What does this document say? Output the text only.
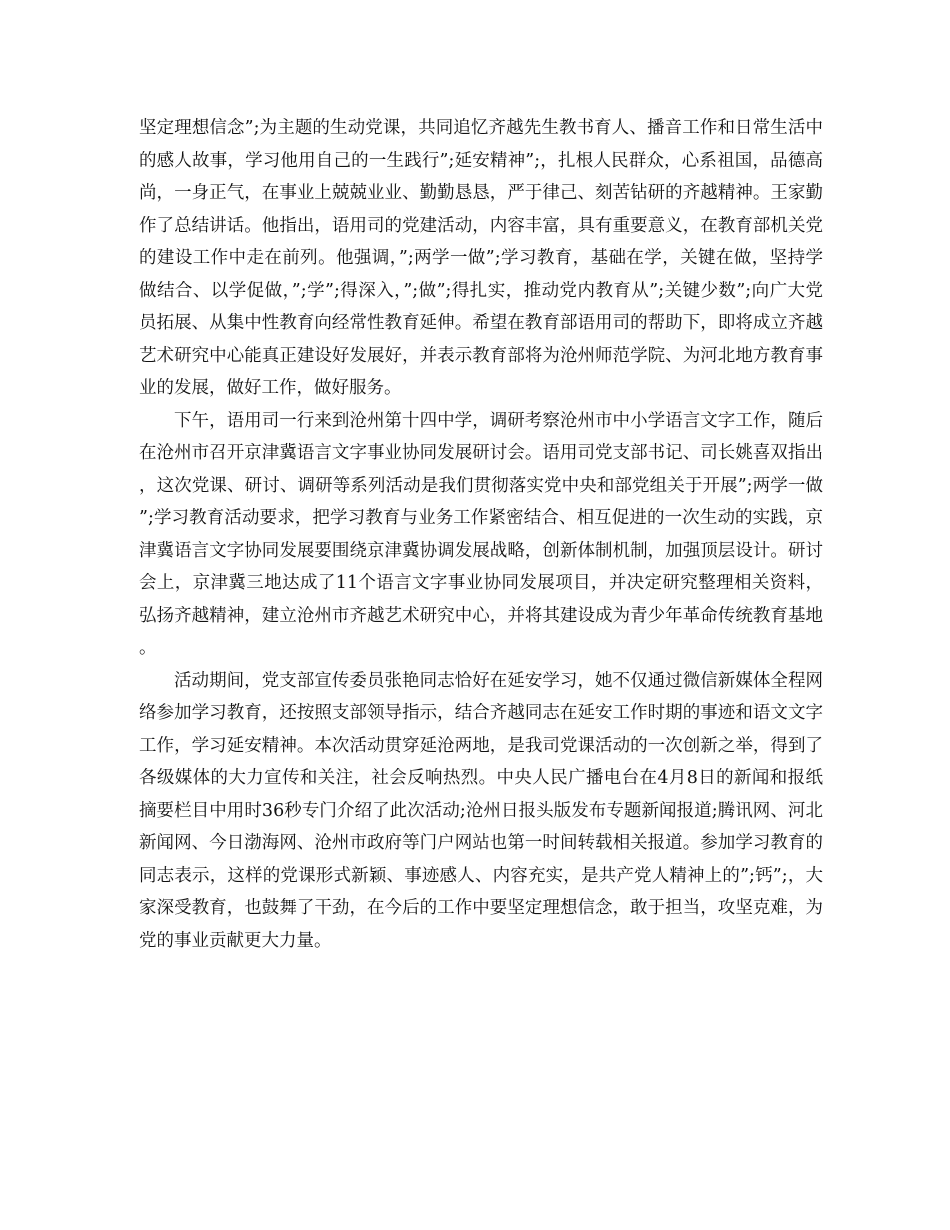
坚定理想信念”;为主题的生动党课，共同追忆齐越先生教书育人、播音工作和日常生活中的感人故事，学习他用自己的一生践行”;延安精神”;，扎根人民群众，心系祖国，品德高尚，一身正气，在事业上兢兢业业、勤勤恳恳，严于律己、刻苦钻研的齐越精神。王家勤作了总结讲话。他指出，语用司的党建活动，内容丰富，具有重要意义，在教育部机关党的建设工作中走在前列。他强调，”;两学一做”;学习教育，基础在学，关键在做，坚持学做结合、以学促做，”;学”;得深入，”;做”;得扎实，推动党内教育从”;关键少数”;向广大党员拓展、从集中性教育向经常性教育延伸。希望在教育部语用司的帮助下，即将成立齐越艺术研究中心能真正建设好发展好，并表示教育部将为沧州师范学院、为河北地方教育事业的发展，做好工作，做好服务。

下午，语用司一行来到沧州第十四中学，调研考察沧州市中小学语言文字工作，随后在沧州市召开京津冀语言文字事业协同发展研讨会。语用司党支部书记、司长姚喜双指出，这次党课、研讨、调研等系列活动是我们贯彻落实党中央和部党组关于开展”;两学一做”;学习教育活动要求，把学习教育与业务工作紧密结合、相互促进的一次生动的实践，京津冀语言文字协同发展要围绕京津冀协调发展战略，创新体制机制，加强顶层设计。研讨会上，京津冀三地达成了11个语言文字事业协同发展项目，并决定研究整理相关资料，弘扬齐越精神，建立沧州市齐越艺术研究中心，并将其建设成为青少年革命传统教育基地。

活动期间，党支部宣传委员张艳同志恰好在延安学习，她不仅通过微信新媒体全程网络参加学习教育，还按照支部领导指示，结合齐越同志在延安工作时期的事迹和语文文字工作，学习延安精神。本次活动贯穿延沧两地，是我司党课活动的一次创新之举，得到了各级媒体的大力宣传和关注，社会反响热烈。中央人民广播电台在4月8日的新闻和报纸摘要栏目中用时36秒专门介绍了此次活动;沧州日报头版发布专题新闻报道;腾讯网、河北新闻网、今日渤海网、沧州市政府等门户网站也第一时间转载相关报道。参加学习教育的同志表示，这样的党课形式新颖、事迹感人、内容充实，是共产党人精神上的”;钙”;，大家深受教育，也鼓舞了干劲，在今后的工作中要坚定理想信念，敢于担当，攻坚克难，为党的事业贡献更大力量。
